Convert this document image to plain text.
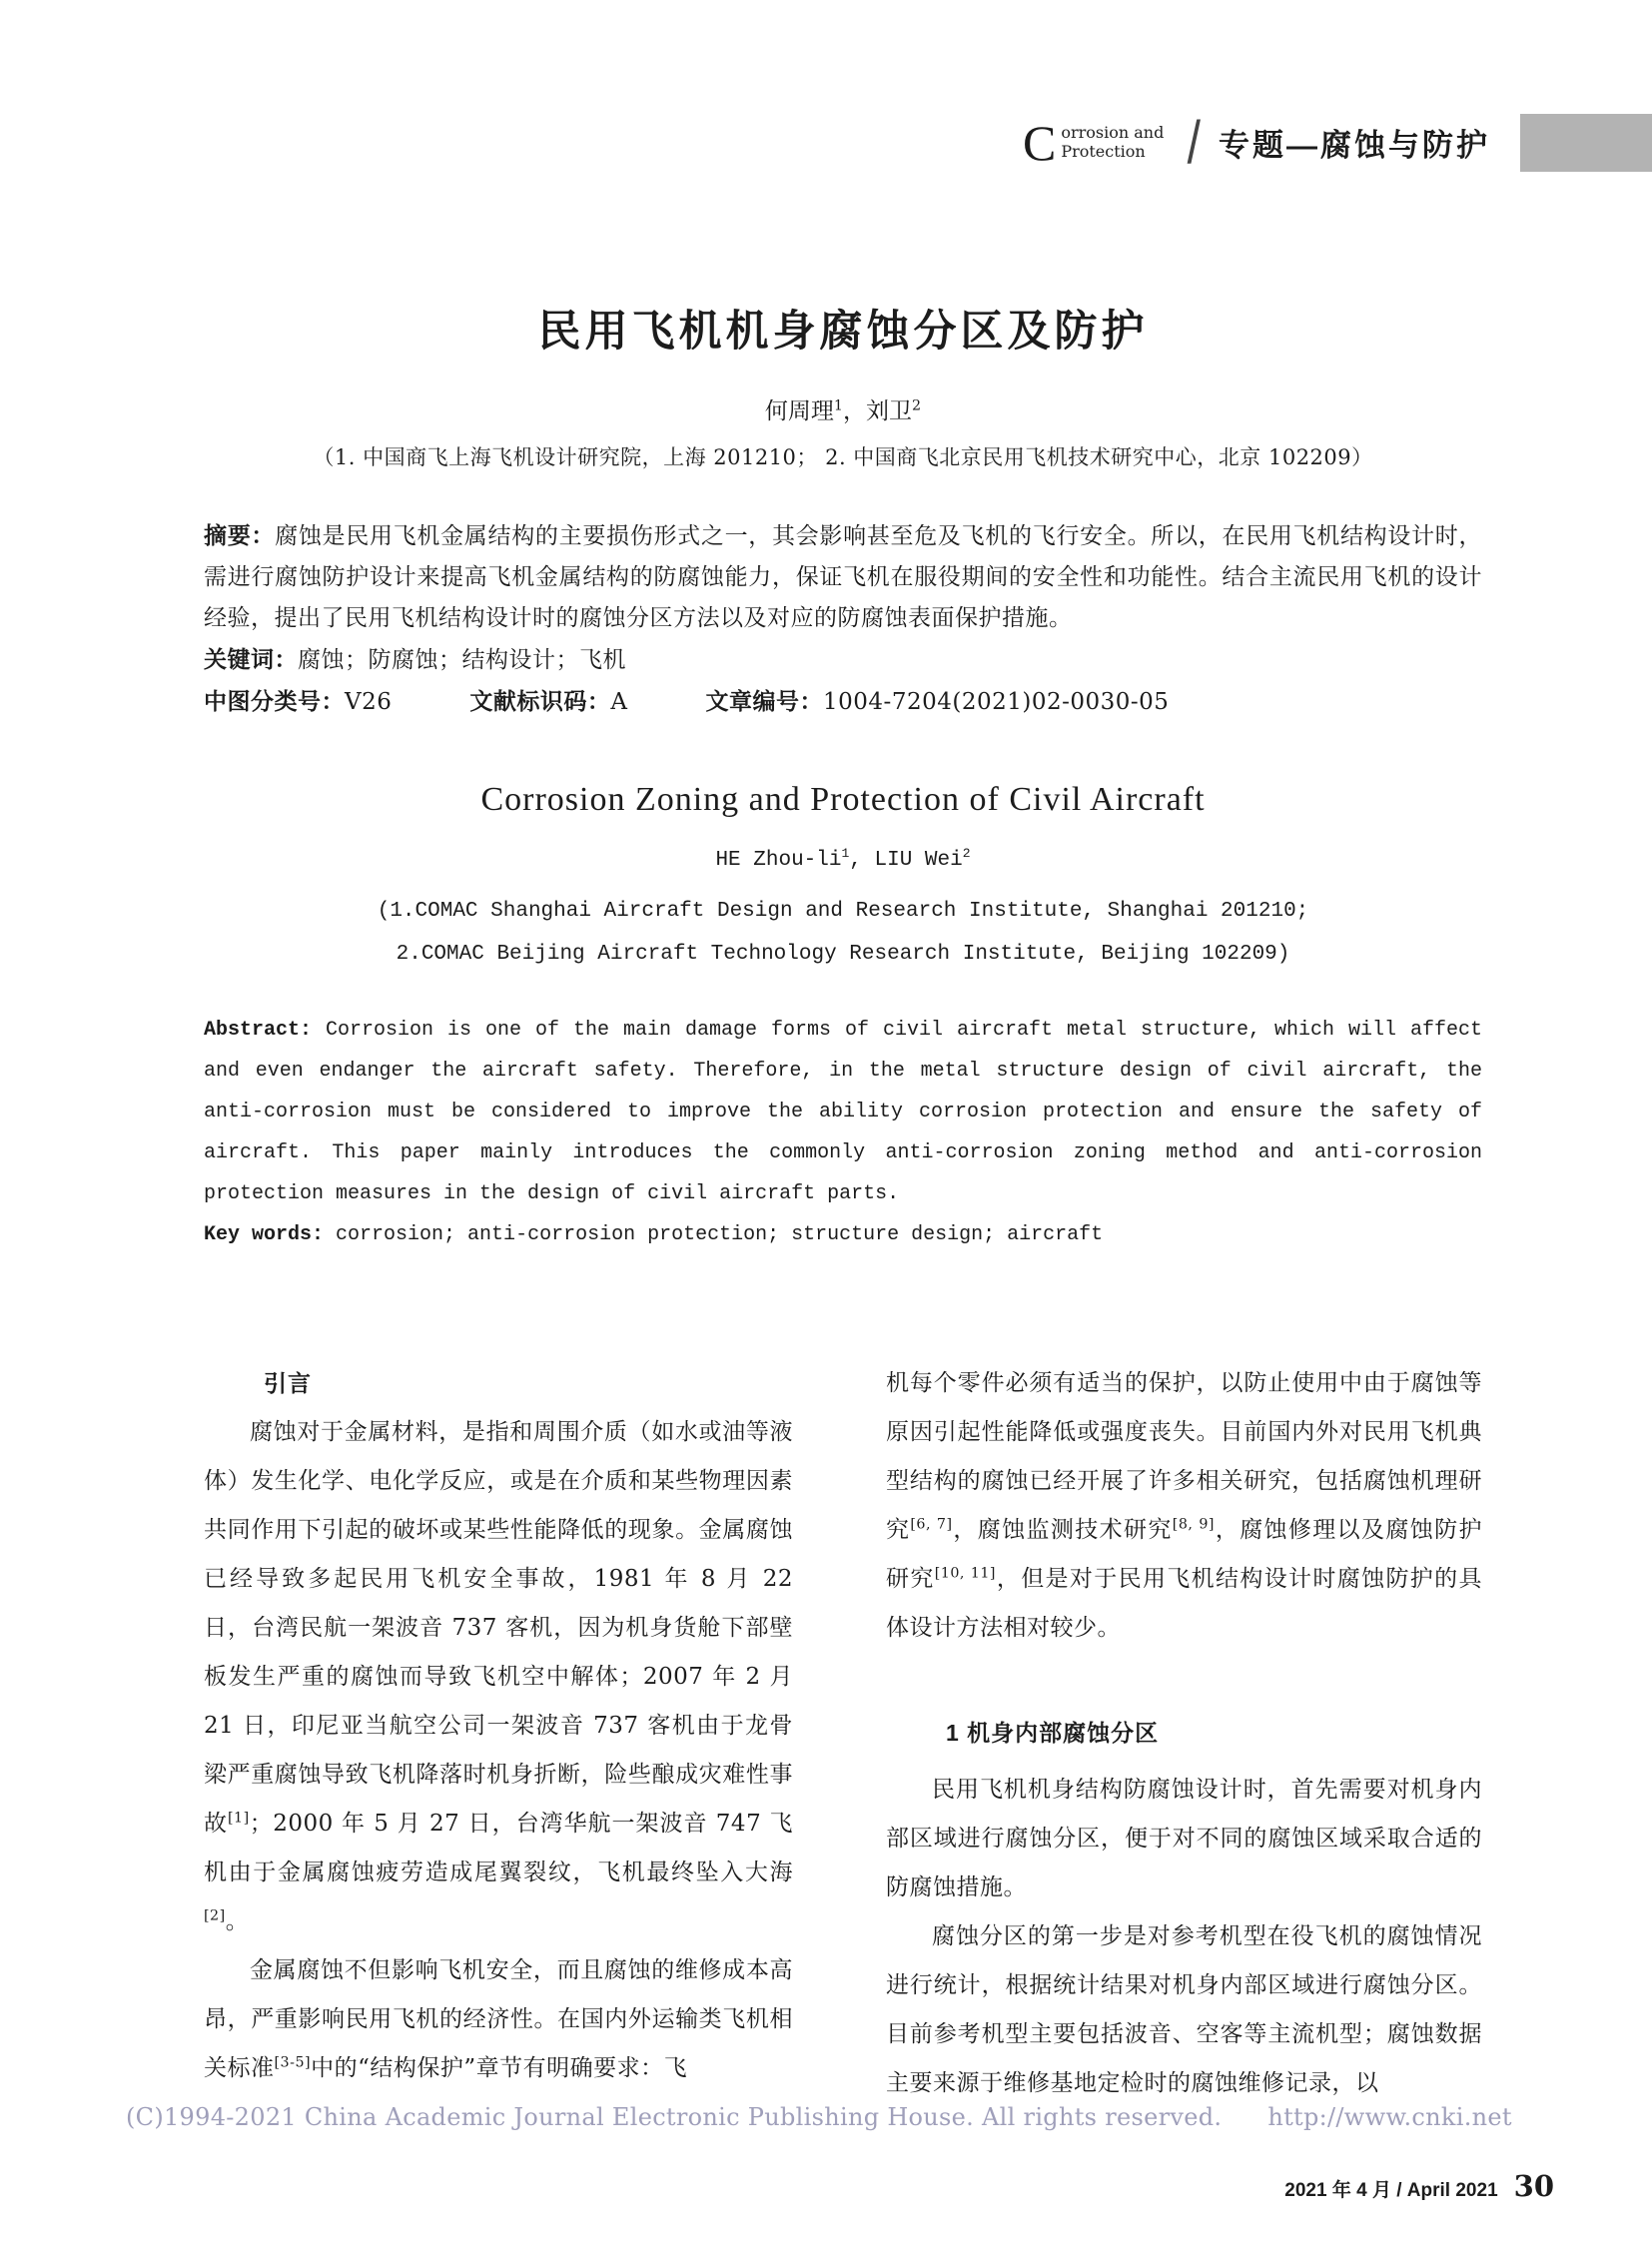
C orrosion and
Protection / 专题—腐蚀与防护
民用飞机机身腐蚀分区及防护
何周理$^1$，刘卫$^2$
（1. 中国商飞上海飞机设计研究院，上海 201210； 2. 中国商飞北京民用飞机技术研究中心，北京 102209）

摘要：腐蚀是民用飞机金属结构的主要损伤形式之一，其会影响甚至危及飞机的飞行安全。所以，在民用飞机结构设计时，需进行腐蚀防护设计来提高飞机金属结构的防腐蚀能力，保证飞机在服役期间的安全性和功能性。结合主流民用飞机的设计经验，提出了民用飞机结构设计时的腐蚀分区方法以及对应的防腐蚀表面保护措施。

关键词：腐蚀；防腐蚀；结构设计；飞机

中图分类号：V26	文献标识码：A	文章编号：1004-7204(2021)02-0030-05

Corrosion Zoning and Protection of Civil Aircraft
HE Zhou-$li^1$, LIU Wei$^2$

(1.COMAC Shanghai Aircraft Design and Research Institute, Shanghai 201210;

2.COMAC Beijing Aircraft Technology Research Institute, Beijing 102209)

Abstract: Corrosion is one of the main damage forms of civil aircraft metal structure, which will affect and even endanger the aircraft safety. Therefore, in the metal structure design of civil aircraft, the anti-corrosion must be considered to improve the ability corrosion protection and ensure the safety of aircraft. This paper mainly introduces the commonly anti-corrosion zoning method and anti-corrosion protection measures in the design of civil aircraft parts.

Key words: corrosion; anti-corrosion protection; structure design; aircraft

引言

腐蚀对于金属材料，是指和周围介质（如水或油等液体）发生化学、电化学反应，或是在介质和某些物理因素共同作用下引起的破坏或某些性能降低的现象。金属腐蚀已经导致多起民用飞机安全事故，1981 年 8 月 22 日，台湾民航一架波音 737 客机，因为机身货舱下部壁板发生严重的腐蚀而导致飞机空中解体；2007 年 2 月 21 日，印尼亚当航空公司一架波音 737 客机由于龙骨梁严重腐蚀导致飞机降落时机身折断，险些酿成灾难性事故[1]；2000 年 5 月 27 日，台湾华航一架波音 747 飞机由于金属腐蚀疲劳造成尾翼裂纹，飞机最终坠入大海[2]。

金属腐蚀不但影响飞机安全，而且腐蚀的维修成本高昂，严重影响民用飞机的经济性。在国内外运输类飞机相关标准[3-5]中的“结构保护”章节有明确要求：飞

机每个零件必须有适当的保护，以防止使用中由于腐蚀等原因引起性能降低或强度丧失。目前国内外对民用飞机典型结构的腐蚀已经开展了许多相关研究，包括腐蚀机理研究[6, 7]，腐蚀监测技术研究[8, 9]，腐蚀修理以及腐蚀防护研究[10, 11]，但是对于民用飞机结构设计时腐蚀防护的具体设计方法相对较少。

1 机身内部腐蚀分区

民用飞机机身结构防腐蚀设计时，首先需要对机身内部区域进行腐蚀分区，便于对不同的腐蚀区域采取合适的防腐蚀措施。

腐蚀分区的第一步是对参考机型在役飞机的腐蚀情况进行统计，根据统计结果对机身内部区域进行腐蚀分区。目前参考机型主要包括波音、空客等主流机型；腐蚀数据主要来源于维修基地定检时的腐蚀维修记录，以

(C)1994-2021 China Academic Journal Electronic Publishing House. All rights reserved. http://www.cnki.net
2021 年 4 月 / April 2021 30
